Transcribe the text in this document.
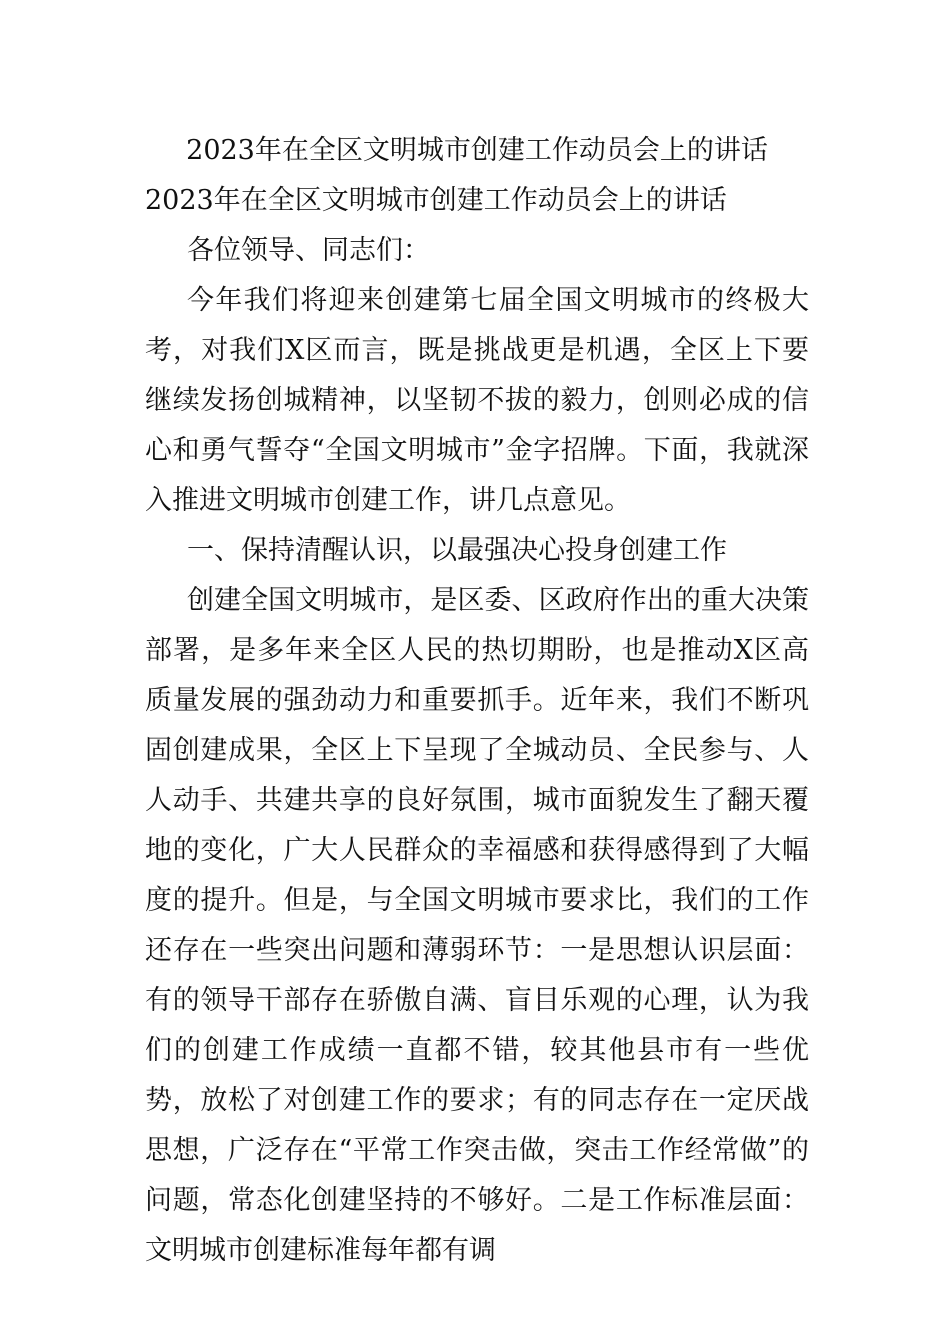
2023年在全区文明城市创建工作动员会上的讲话

2023年在全区文明城市创建工作动员会上的讲话

各位领导、同志们：

今年我们将迎来创建第七届全国文明城市的终极大考，对我们X区而言，既是挑战更是机遇，全区上下要继续发扬创城精神，以坚韧不拔的毅力，创则必成的信心和勇气誓夺“全国文明城市”金字招牌。下面，我就深入推进文明城市创建工作，讲几点意见。

一、保持清醒认识，以最强决心投身创建工作

创建全国文明城市，是区委、区政府作出的重大决策部署，是多年来全区人民的热切期盼，也是推动X区高质量发展的强劲动力和重要抓手。近年来，我们不断巩固创建成果，全区上下呈现了全城动员、全民参与、人人动手、共建共享的良好氛围，城市面貌发生了翻天覆地的变化，广大人民群众的幸福感和获得感得到了大幅度的提升。但是，与全国文明城市要求比，我们的工作还存在一些突出问题和薄弱环节：一是思想认识层面：有的领导干部存在骄傲自满、盲目乐观的心理，认为我们的创建工作成绩一直都不错，较其他县市有一些优势，放松了对创建工作的要求；有的同志存在一定厌战思想，广泛存在“平常工作突击做，突击工作经常做”的问题，常态化创建坚持的不够好。二是工作标准层面：文明城市创建标准每年都有调
